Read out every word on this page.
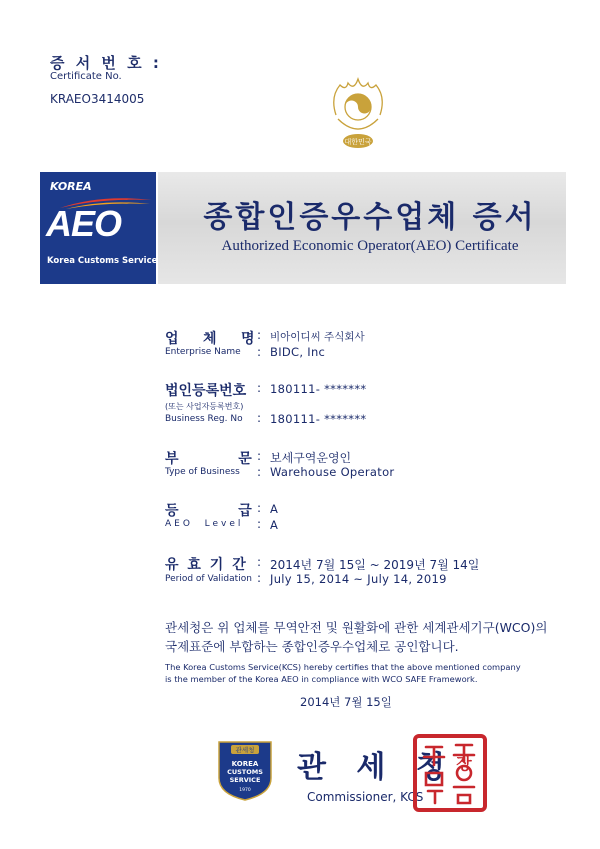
증 서 번 호 :
Certificate No.
KRAEO3414005
대한민국
KOREA
AEO
Korea Customs Service
종합인증우수업체 증서
Authorized Economic Operator(AEO) Certificate
업    체    명
Enterprise Name
:
:
비아이디씨 주식회사
BIDC, Inc
법인등록번호
(또는 사업자등록번호)
Business Reg. No
:
:
180111- *******
180111- *******
부          문
Type of Business
:
:
보세구역운영인
Warehouse Operator
등          급
AEO  Level
:
:
A
A
유 효 기 간
Period of Validation
:
:
2014년 7월 15일 ~ 2019년 7월 14일
July 15, 2014 ~ July 14, 2019
관세청은 위 업체를 무역안전 및 원활화에 관한 세계관세기구(WCO)의
국제표준에 부합하는 종합인증우수업체로 공인합니다.
The Korea Customs Service(KCS) hereby certifies that the above mentioned company
is the member of the Korea AEO in compliance with WCO SAFE Framework.
2014년 7월 15일
관세청
KOREA
CUSTOMS
SERVICE
1970
관 세 청
Commissioner, KCS
장
